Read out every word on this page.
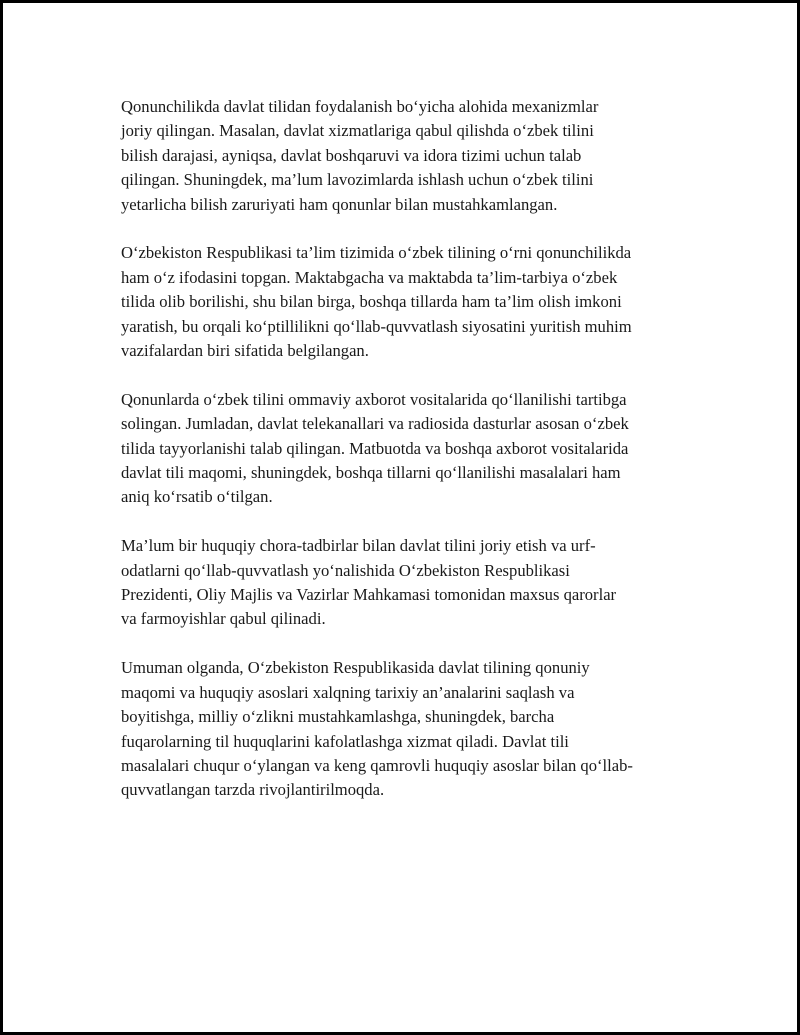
Qonunchilikda davlat tilidan foydalanish bo‘yicha alohida mexanizmlar
joriy qilingan. Masalan, davlat xizmatlariga qabul qilishda o‘zbek tilini
bilish darajasi, ayniqsa, davlat boshqaruvi va idora tizimi uchun talab
qilingan. Shuningdek, ma’lum lavozimlarda ishlash uchun o‘zbek tilini
yetarlicha bilish zaruriyati ham qonunlar bilan mustahkamlangan.

O‘zbekiston Respublikasi ta’lim tizimida o‘zbek tilining o‘rni qonunchilikda
ham o‘z ifodasini topgan. Maktabgacha va maktabda ta’lim-tarbiya o‘zbek
tilida olib borilishi, shu bilan birga, boshqa tillarda ham ta’lim olish imkoni
yaratish, bu orqali ko‘ptillilikni qo‘llab-quvvatlash siyosatini yuritish muhim
vazifalardan biri sifatida belgilangan.

Qonunlarda o‘zbek tilini ommaviy axborot vositalarida qo‘llanilishi tartibga
solingan. Jumladan, davlat telekanallari va radiosida dasturlar asosan o‘zbek
tilida tayyorlanishi talab qilingan. Matbuotda va boshqa axborot vositalarida
davlat tili maqomi, shuningdek, boshqa tillarni qo‘llanilishi masalalari ham
aniq ko‘rsatib o‘tilgan.

Ma’lum bir huquqiy chora-tadbirlar bilan davlat tilini joriy etish va urf-
odatlarni qo‘llab-quvvatlash yo‘nalishida O‘zbekiston Respublikasi
Prezidenti, Oliy Majlis va Vazirlar Mahkamasi tomonidan maxsus qarorlar
va farmoyishlar qabul qilinadi.

Umuman olganda, O‘zbekiston Respublikasida davlat tilining qonuniy
maqomi va huquqiy asoslari xalqning tarixiy an’analarini saqlash va
boyitishga, milliy o‘zlikni mustahkamlashga, shuningdek, barcha
fuqarolarning til huquqlarini kafolatlashga xizmat qiladi. Davlat tili
masalalari chuqur o‘ylangan va keng qamrovli huquqiy asoslar bilan qo‘llab-
quvvatlangan tarzda rivojlantirilmoqda.
